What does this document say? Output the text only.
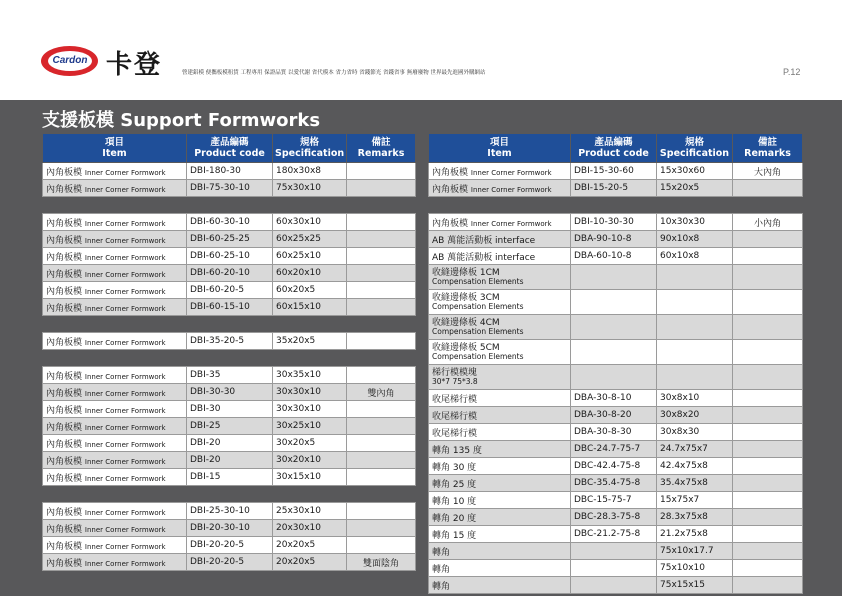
Cardon 卡登	營建鋁模 便攜板模租賃 工程專用 保證品質 以愛代謝 省代模本 省力省時 省錢節光 省錢省事 無廢廢物 世界最先進國外購網站	P.12
支援板模 Support Formworks
項目
Item	產品編碼
Product code	規格
Specification	備註
Remarks
內角板模 Inner Corner Formwork	DBI-180-30	180x30x8	
內角板模 Inner Corner Formwork	DBI-75-30-10	75x30x10	

內角板模 Inner Corner Formwork	DBI-60-30-10	60x30x10	
內角板模 Inner Corner Formwork	DBI-60-25-25	60x25x25	
內角板模 Inner Corner Formwork	DBI-60-25-10	60x25x10	
內角板模 Inner Corner Formwork	DBI-60-20-10	60x20x10	
內角板模 Inner Corner Formwork	DBI-60-20-5	60x20x5	
內角板模 Inner Corner Formwork	DBI-60-15-10	60x15x10	

內角板模 Inner Corner Formwork	DBI-35-20-5	35x20x5	

內角板模 Inner Corner Formwork	DBI-35	30x35x10	
內角板模 Inner Corner Formwork	DBI-30-30	30x30x10	雙內角
內角板模 Inner Corner Formwork	DBI-30	30x30x10	
內角板模 Inner Corner Formwork	DBI-25	30x25x10	
內角板模 Inner Corner Formwork	DBI-20	30x20x5	
內角板模 Inner Corner Formwork	DBI-20	30x20x10	
內角板模 Inner Corner Formwork	DBI-15	30x15x10	

內角板模 Inner Corner Formwork	DBI-25-30-10	25x30x10	
內角板模 Inner Corner Formwork	DBI-20-30-10	20x30x10	
內角板模 Inner Corner Formwork	DBI-20-20-5	20x20x5	
內角板模 Inner Corner Formwork	DBI-20-20-5	20x20x5	雙面陰角
項目
Item	產品編碼
Product code	規格
Specification	備註
Remarks
內角板模 Inner Corner Formwork	DBI-15-30-60	15x30x60	大內角
內角板模 Inner Corner Formwork	DBI-15-20-5	15x20x5	

內角板模 Inner Corner Formwork	DBI-10-30-30	10x30x30	小內角
AB 萬能活動板 interface	DBA-90-10-8	90x10x8	
AB 萬能活動板 interface	DBA-60-10-8	60x10x8	
收縫邊條板 1CM
Compensation Elements			

收縫邊條板 3CM
Compensation Elements			

收縫邊條板 4CM
Compensation Elements			

收縫邊條板 5CM
Compensation Elements			

梯行模模塊
30*7 75*3.8			

收尾梯行模	DBA-30-8-10	30x8x10	
收尾梯行模	DBA-30-8-20	30x8x20	
收尾梯行模	DBA-30-8-30	30x8x30	
轉角 135 度	DBC-24.7-75-7	24.7x75x7	
轉角 30 度	DBC-42.4-75-8	42.4x75x8	
轉角 25 度	DBC-35.4-75-8	35.4x75x8	
轉角 10 度	DBC-15-75-7	15x75x7	
轉角 20 度	DBC-28.3-75-8	28.3x75x8	
轉角 15 度	DBC-21.2-75-8	21.2x75x8	
轉角		75x10x17.7	
轉角		75x10x10	
轉角		75x15x15	
